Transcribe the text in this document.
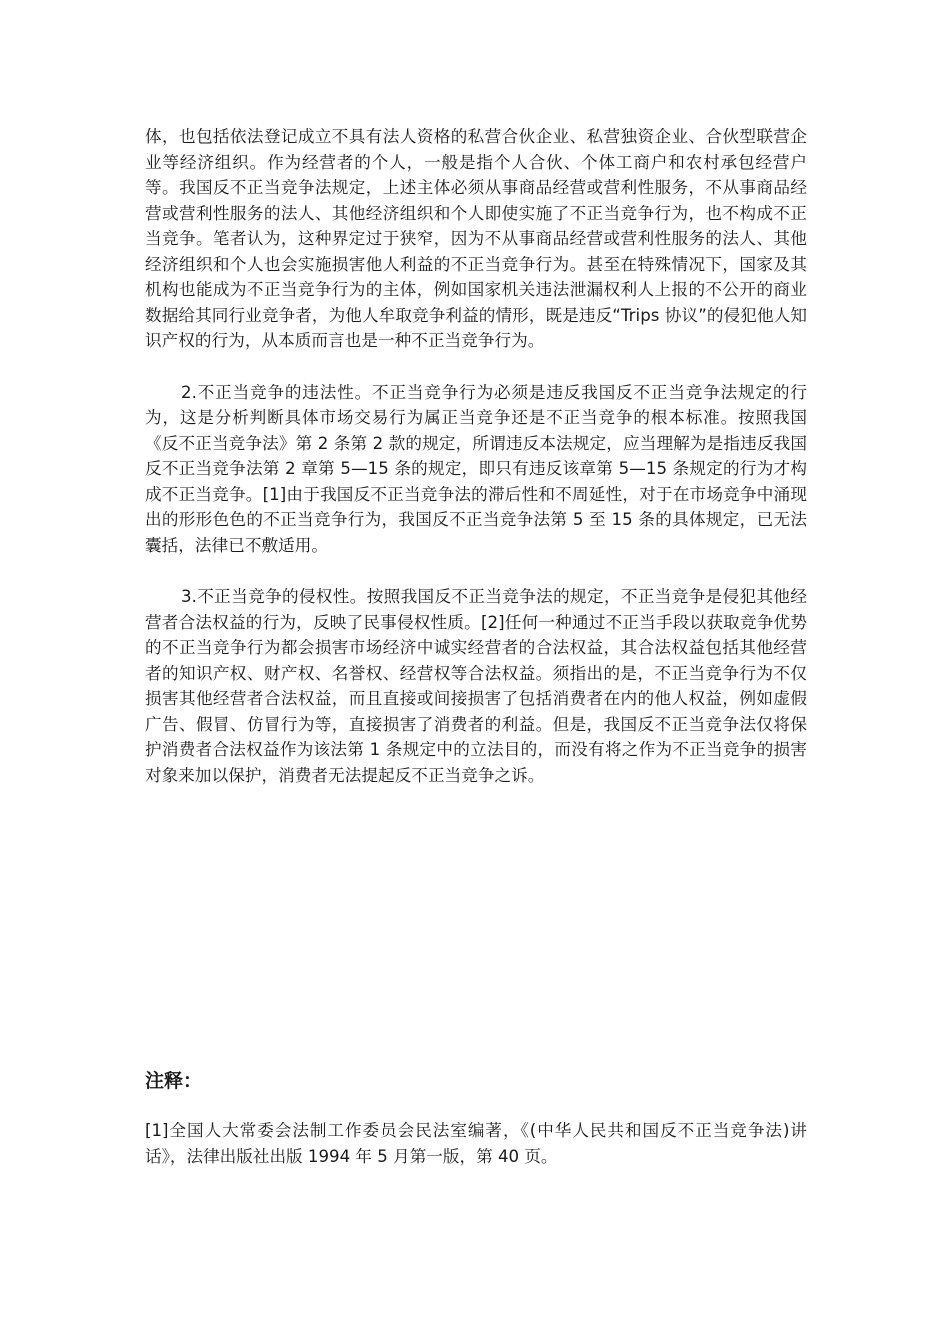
体，也包括依法登记成立不具有法人资格的私营合伙企业、私营独资企业、合伙型联营企业等经济组织。作为经营者的个人，一般是指个人合伙、个体工商户和农村承包经营户等。我国反不正当竞争法规定，上述主体必须从事商品经营或营利性服务，不从事商品经营或营利性服务的法人、其他经济组织和个人即使实施了不正当竞争行为，也不构成不正当竞争。笔者认为，这种界定过于狭窄，因为不从事商品经营或营利性服务的法人、其他经济组织和个人也会实施损害他人利益的不正当竞争行为。甚至在特殊情况下，国家及其机构也能成为不正当竞争行为的主体，例如国家机关违法泄漏权利人上报的不公开的商业数据给其同行业竞争者，为他人牟取竞争利益的情形，既是违反“Trips 协议”的侵犯他人知识产权的行为，从本质而言也是一种不正当竞争行为。

2.不正当竞争的违法性。不正当竞争行为必须是违反我国反不正当竞争法规定的行为，这是分析判断具体市场交易行为属正当竞争还是不正当竞争的根本标准。按照我国《反不正当竞争法》第 2 条第 2 款的规定，所谓违反本法规定，应当理解为是指违反我国反不正当竞争法第 2 章第 5—15 条的规定，即只有违反该章第 5—15 条规定的行为才构成不正当竞争。[1]由于我国反不正当竞争法的滞后性和不周延性，对于在市场竞争中涌现出的形形色色的不正当竞争行为，我国反不正当竞争法第 5 至 15 条的具体规定，已无法囊括，法律已不敷适用。

3.不正当竞争的侵权性。按照我国反不正当竞争法的规定，不正当竞争是侵犯其他经营者合法权益的行为，反映了民事侵权性质。[2]任何一种通过不正当手段以获取竞争优势的不正当竞争行为都会损害市场经济中诚实经营者的合法权益，其合法权益包括其他经营者的知识产权、财产权、名誉权、经营权等合法权益。须指出的是，不正当竞争行为不仅损害其他经营者合法权益，而且直接或间接损害了包括消费者在内的他人权益，例如虚假广告、假冒、仿冒行为等，直接损害了消费者的利益。但是，我国反不正当竞争法仅将保护消费者合法权益作为该法第 1 条规定中的立法目的，而没有将之作为不正当竞争的损害对象来加以保护，消费者无法提起反不正当竞争之诉。

注释：

[1]全国人大常委会法制工作委员会民法室编著，《(中华人民共和国反不正当竞争法)讲话》，法律出版社出版 1994 年 5 月第一版，第 40 页。
